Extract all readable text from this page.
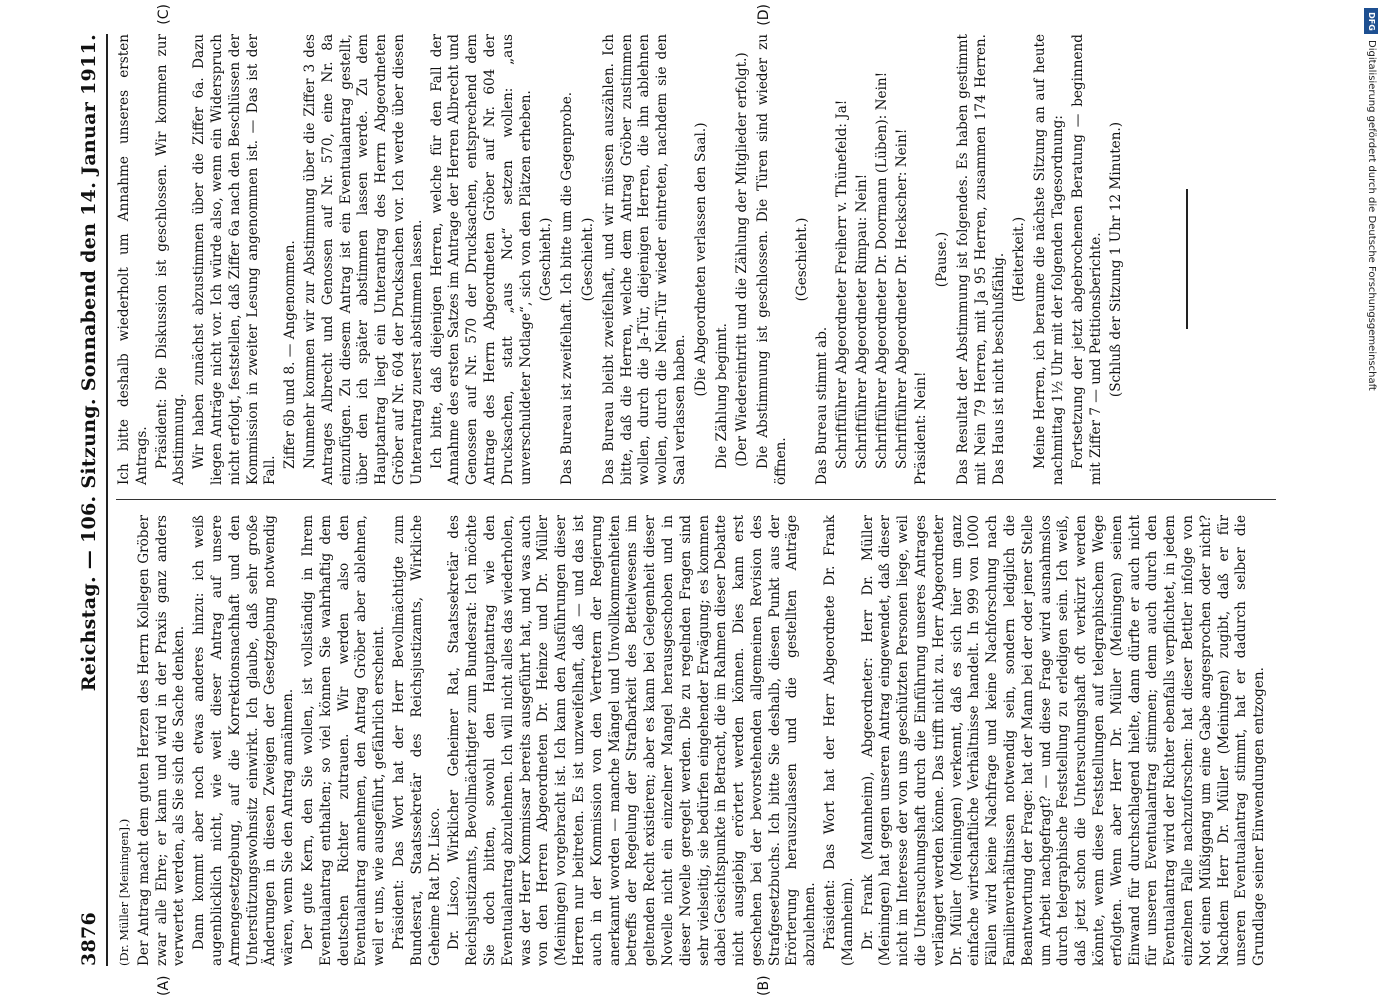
3876
Reichstag. — 106. Sitzung. Sonnabend den 14. Januar 1911.
(A)	(B)

(Dr. Müller [Meiningen].) Der Antrag macht dem guten Herzen des Herrn Kollegen Gröber zwar alle Ehre; er kann und wird in der Praxis ganz anders verwertet werden, als Sie sich die Sache denken. Dann kommt aber noch etwas anderes hinzu: ich weiß augenblicklich nicht, wie weit dieser Antrag auf unsere Armengesetzgebung, auf die Korrektionsnachhaft und den Unterstützungswohnsitz einwirkt. Ich glaube, daß sehr große Änderungen in diesen Zweigen der Gesetzgebung notwendig wären, wenn Sie den Antrag annähmen. Der gute Kern, den Sie wollen, ist vollständig in Ihrem Eventualantrag enthalten; so viel können Sie wahrhaftig dem deutschen Richter zutrauen. Wir werden also den Eventualantrag annehmen, den Antrag Gröber aber ablehnen, weil er uns, wie ausgeführt, gefährlich erscheint. Präsident: Das Wort hat der Herr Bevollmächtigte zum Bundesrat, Staatssekretär des Reichsjustizamts, Wirkliche Geheime Rat Dr. Lisco. Dr. Lisco, Wirklicher Geheimer Rat, Staatssekretär des Reichsjustizamts, Bevollmächtigter zum Bundesrat: Ich möchte Sie doch bitten, sowohl den Hauptantrag wie den Eventualantrag abzulehnen. Ich will nicht alles das wiederholen, was der Herr Kommissar bereits ausgeführt hat, und was auch von den Herren Abgeordneten Dr. Heinze und Dr. Müller (Meiningen) vorgebracht ist. Ich kann den Ausführungen dieser Herren nur beitreten. Es ist unzweifelhaft, daß — und das ist auch in der Kommission von den Vertretern der Regierung anerkannt worden — manche Mängel und Unvollkommenheiten betreffs der Regelung der Strafbarkeit des Bettelwesens im geltenden Recht existieren; aber es kann bei Gelegenheit dieser Novelle nicht ein einzelner Mangel herausgeschoben und in dieser Novelle geregelt werden. Die zu regelnden Fragen sind sehr vielseitig, sie bedürfen eingehender Erwägung; es kommen dabei Gesichtspunkte in Betracht, die im Rahmen dieser Debatte nicht ausgiebig erörtert werden können. Dies kann erst geschehen bei der bevorstehenden allgemeinen Revision des Strafgesetzbuchs. Ich bitte Sie deshalb, diesen Punkt aus der Erörterung herauszulassen und die gestellten Anträge abzulehnen. Präsident: Das Wort hat der Herr Abgeordnete Dr. Frank (Mannheim). Dr. Frank (Mannheim), Abgeordneter: Herr Dr. Müller (Meiningen) hat gegen unseren Antrag eingewendet, daß dieser nicht im Interesse der von uns geschützten Personen liege, weil die Untersuchungshaft durch die Einführung unseres Antrages verlängert werden könne. Das trifft nicht zu. Herr Abgeordneter Dr. Müller (Meiningen) verkennt, daß es sich hier um ganz einfache wirtschaftliche Verhältnisse handelt. In 999 von 1000 Fällen wird keine Nachfrage und keine Nachforschung nach Familienverhältnissen notwendig sein, sondern lediglich die Beantwortung der Frage: hat der Mann bei der oder jener Stelle um Arbeit nachgefragt? — und diese Frage wird ausnahmslos durch telegraphische Feststellung zu erledigen sein. Ich weiß, daß jetzt schon die Untersuchungshaft oft verkürzt werden könnte, wenn diese Feststellungen auf telegraphischem Wege erfolgten. Wenn aber Herr Dr. Müller (Meiningen) seinen Einwand für durchschlagend hielte, dann dürfte er auch nicht für unseren Eventualantrag stimmen; denn auch durch den Eventualantrag wird der Richter ebenfalls verpflichtet, in jedem einzelnen Falle nachzuforschen: hat dieser Bettler infolge von Not einen Müßiggang um eine Gabe angesprochen oder nicht? Nachdem Herr Dr. Müller (Meiningen) zugibt, daß er für unseren Eventualantrag stimmt, hat er dadurch selber die Grundlage seiner Einwendungen entzogen.

(C)	(D)

Ich bitte deshalb wiederholt um Annahme unseres ersten Antrags. Präsident: Die Diskussion ist geschlossen. Wir kommen zur Abstimmung. Wir haben zunächst abzustimmen über die Ziffer 6a. Dazu liegen Anträge nicht vor. Ich würde also, wenn ein Widerspruch nicht erfolgt, feststellen, daß Ziffer 6a nach den Beschlüssen der Kommission in zweiter Lesung angenommen ist. — Das ist der Fall.

Ziffer 6b und 8. — Angenommen. Nunmehr kommen wir zur Abstimmung über die Ziffer 3 des Antrages Albrecht und Genossen auf Nr. 570, eine Nr. 8a einzufügen. Zu diesem Antrag ist ein Eventualantrag gestellt, über den ich später abstimmen lassen werde. Zu dem Hauptantrag liegt ein Unterantrag des Herrn Abgeordneten Gröber auf Nr. 604 der Drucksachen vor. Ich werde über diesen Unterantrag zuerst abstimmen lassen. Ich bitte, daß diejenigen Herren, welche für den Fall der Annahme des ersten Satzes im Antrage der Herren Albrecht und Genossen auf Nr. 570 der Drucksachen, entsprechend dem Antrage des Herrn Abgeordneten Gröber auf Nr. 604 der Drucksachen, statt „aus Not“ setzen wollen: „aus unverschuldeter Notlage“, sich von den Plätzen erheben. (Geschieht.) Das Bureau ist zweifelhaft. Ich bitte um die Gegenprobe. (Geschieht.) Das Bureau bleibt zweifelhaft, und wir müssen auszählen. Ich bitte, daß die Herren, welche dem Antrag Gröber zustimmen wollen, durch die Ja-Tür, diejenigen Herren, die ihn ablehnen wollen, durch die Nein-Tür wieder eintreten, nachdem sie den Saal verlassen haben.

(Die Abgeordneten verlassen den Saal.) Die Zählung beginnt. (Der Wiedereintritt und die Zählung der Mitglieder erfolgt.) Die Abstimmung ist geschlossen. Die Türen sind wieder zu öffnen.

(Geschieht.)

Das Bureau stimmt ab. Schriftführer Abgeordneter Freiherr v. Thünefeld: Ja! Schriftführer Abgeordneter Rimpau: Nein! Schriftführer Abgeordneter Dr. Doormann (Lüben): Nein! Schriftführer Abgeordneter Dr. Heckscher: Nein! Präsident: Nein!

(Pause.) Das Resultat der Abstimmung ist folgendes. Es haben gestimmt mit Nein 79 Herren, mit Ja 95 Herren, zusammen 174 Herren. Das Haus ist nicht beschlußfähig. (Heiterkeit.) Meine Herren, ich beraume die nächste Sitzung an auf heute nachmittag 1½ Uhr mit der folgenden Tagesordnung: Fortsetzung der jetzt abgebrochenen Beratung — beginnend mit Ziffer 7 — und Petitionsberichte. (Schluß der Sitzung 1 Uhr 12 Minuten.)

DFG
Digitalisierung gefördert durch die Deutsche Forschungsgemeinschaft
